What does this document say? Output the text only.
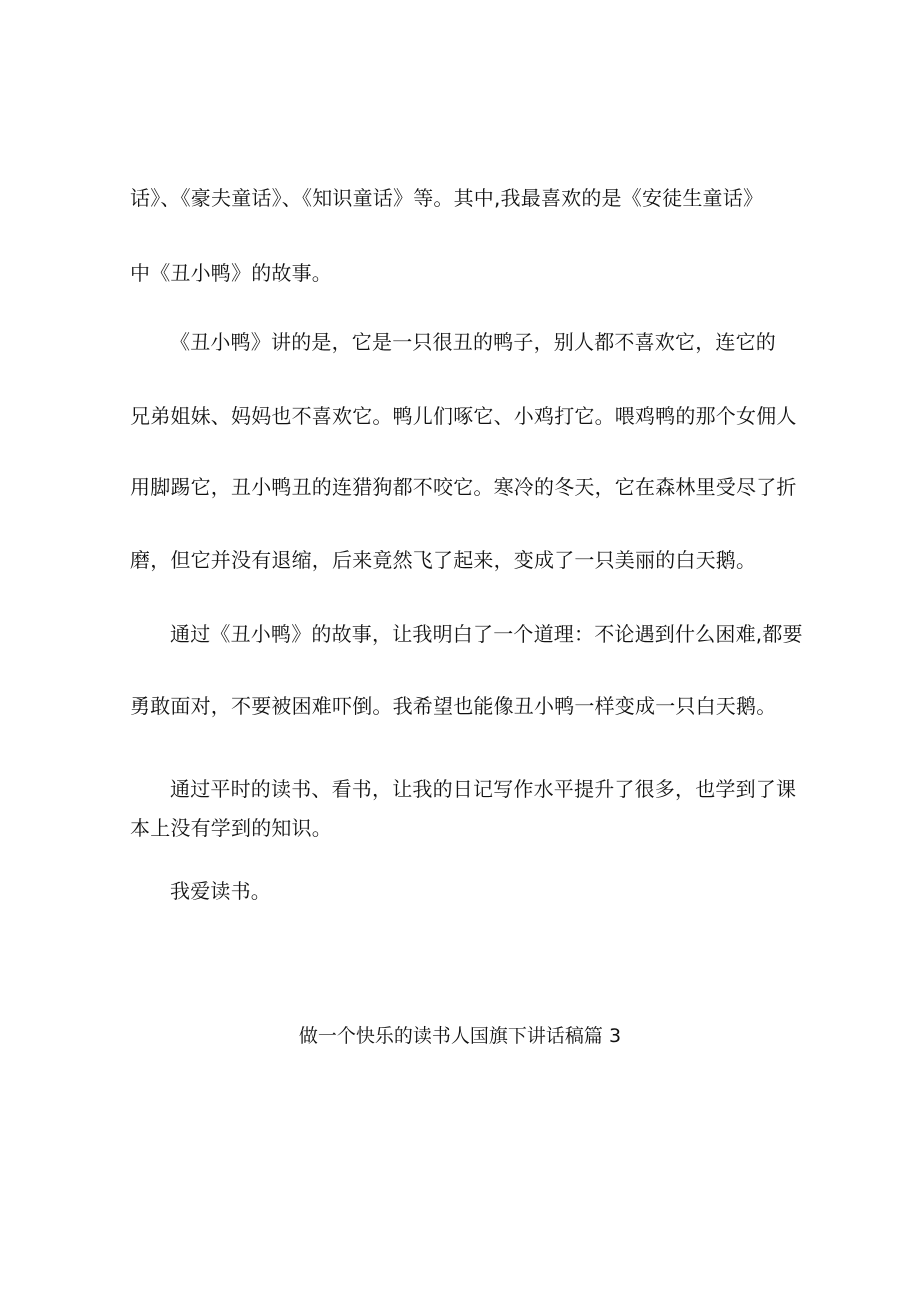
话》、《豪夫童话》、《知识童话》等。其中,我最喜欢的是《安徒生童话》
中《丑小鸭》的故事。
《丑小鸭》讲的是，它是一只很丑的鸭子，别人都不喜欢它，连它的
兄弟姐妹、妈妈也不喜欢它。鸭儿们啄它、小鸡打它。喂鸡鸭的那个女佣人
用脚踢它，丑小鸭丑的连猎狗都不咬它。寒冷的冬天，它在森林里受尽了折
磨，但它并没有退缩，后来竟然飞了起来，变成了一只美丽的白天鹅。
通过《丑小鸭》的故事，让我明白了一个道理：不论遇到什么困难,都要
勇敢面对，不要被困难吓倒。我希望也能像丑小鸭一样变成一只白天鹅。
通过平时的读书、看书，让我的日记写作水平提升了很多，也学到了课
本上没有学到的知识。
我爱读书。
做一个快乐的读书人国旗下讲话稿篇 3
